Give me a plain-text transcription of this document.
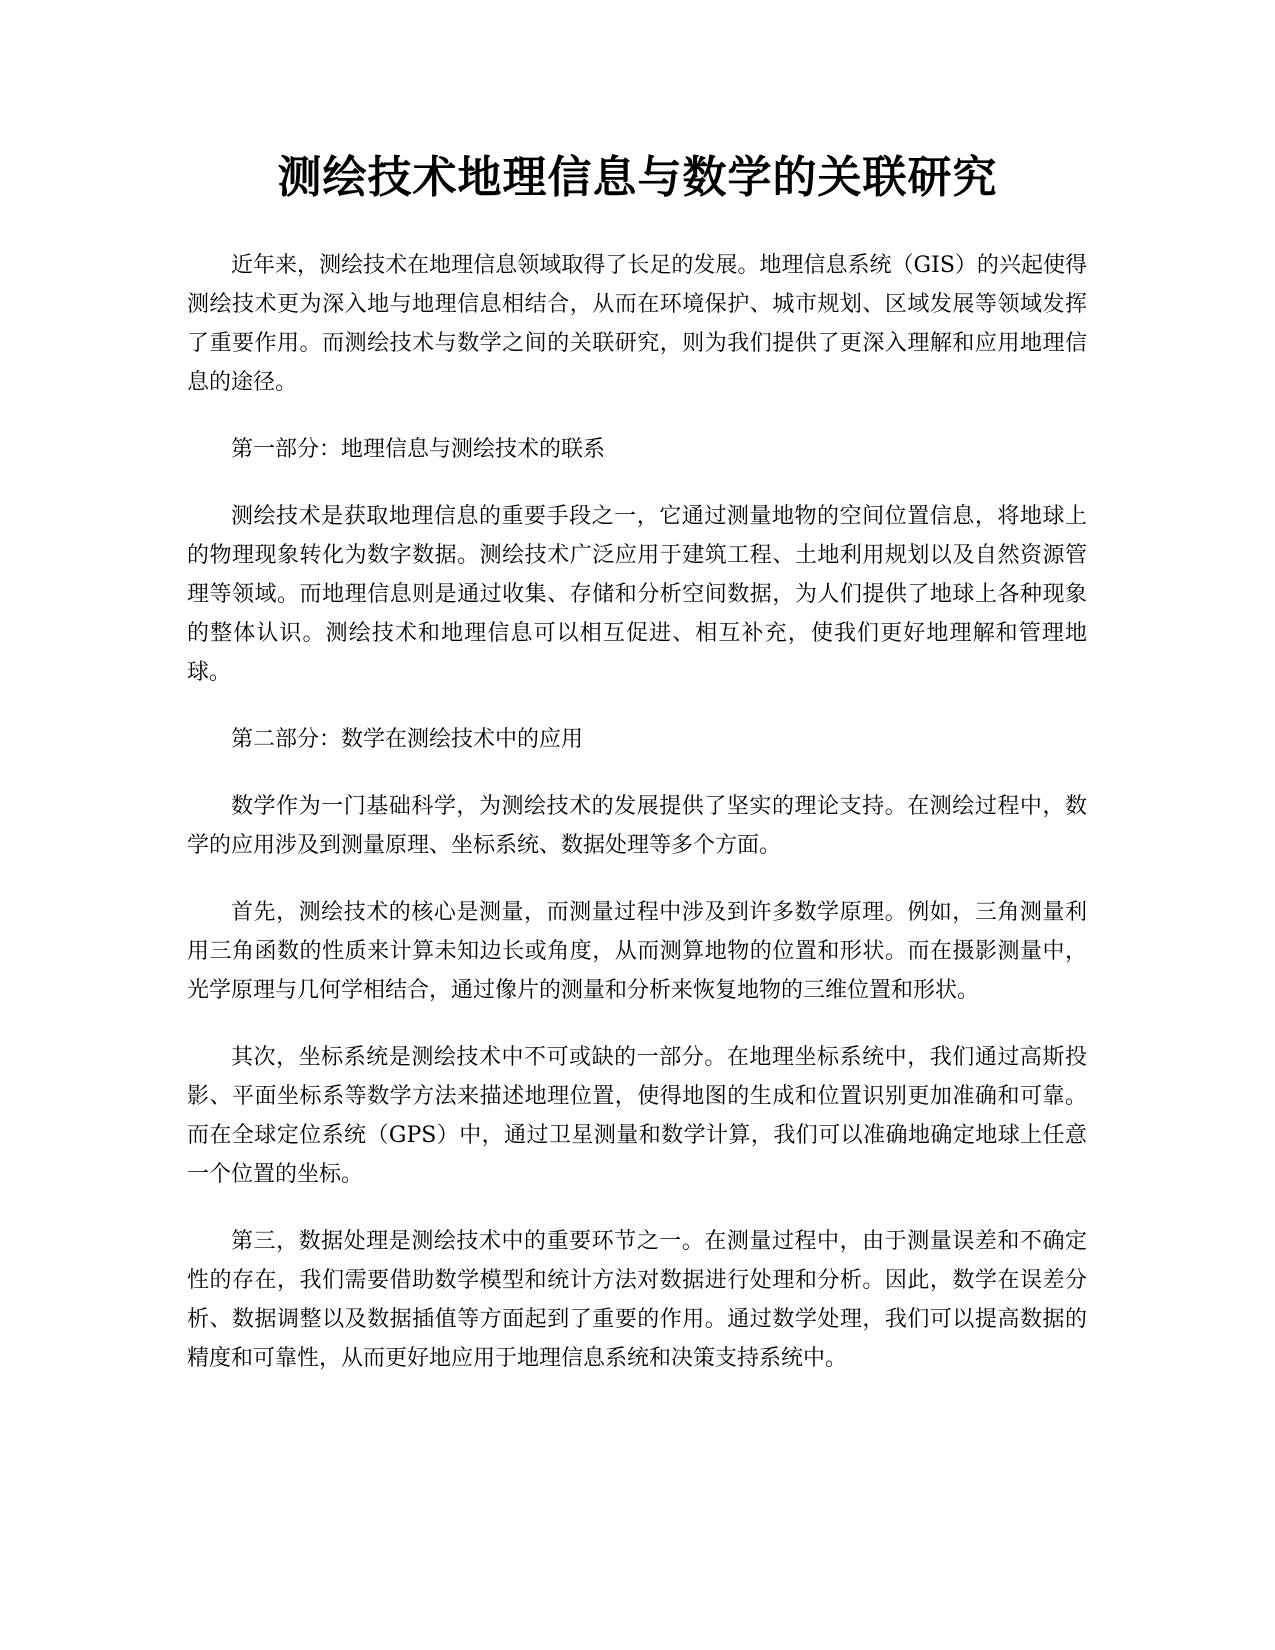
测绘技术地理信息与数学的关联研究

近年来，测绘技术在地理信息领域取得了长足的发展。地理信息系统（GIS）的兴起使得测绘技术更为深入地与地理信息相结合，从而在环境保护、城市规划、区域发展等领域发挥了重要作用。而测绘技术与数学之间的关联研究，则为我们提供了更深入理解和应用地理信息的途径。

第一部分：地理信息与测绘技术的联系

测绘技术是获取地理信息的重要手段之一，它通过测量地物的空间位置信息，将地球上的物理现象转化为数字数据。测绘技术广泛应用于建筑工程、土地利用规划以及自然资源管理等领域。而地理信息则是通过收集、存储和分析空间数据，为人们提供了地球上各种现象的整体认识。测绘技术和地理信息可以相互促进、相互补充，使我们更好地理解和管理地球。

第二部分：数学在测绘技术中的应用

数学作为一门基础科学，为测绘技术的发展提供了坚实的理论支持。在测绘过程中，数学的应用涉及到测量原理、坐标系统、数据处理等多个方面。

首先，测绘技术的核心是测量，而测量过程中涉及到许多数学原理。例如，三角测量利用三角函数的性质来计算未知边长或角度，从而测算地物的位置和形状。而在摄影测量中，光学原理与几何学相结合，通过像片的测量和分析来恢复地物的三维位置和形状。

其次，坐标系统是测绘技术中不可或缺的一部分。在地理坐标系统中，我们通过高斯投影、平面坐标系等数学方法来描述地理位置，使得地图的生成和位置识别更加准确和可靠。而在全球定位系统（GPS）中，通过卫星测量和数学计算，我们可以准确地确定地球上任意一个位置的坐标。

第三，数据处理是测绘技术中的重要环节之一。在测量过程中，由于测量误差和不确定性的存在，我们需要借助数学模型和统计方法对数据进行处理和分析。因此，数学在误差分析、数据调整以及数据插值等方面起到了重要的作用。通过数学处理，我们可以提高数据的精度和可靠性，从而更好地应用于地理信息系统和决策支持系统中。
